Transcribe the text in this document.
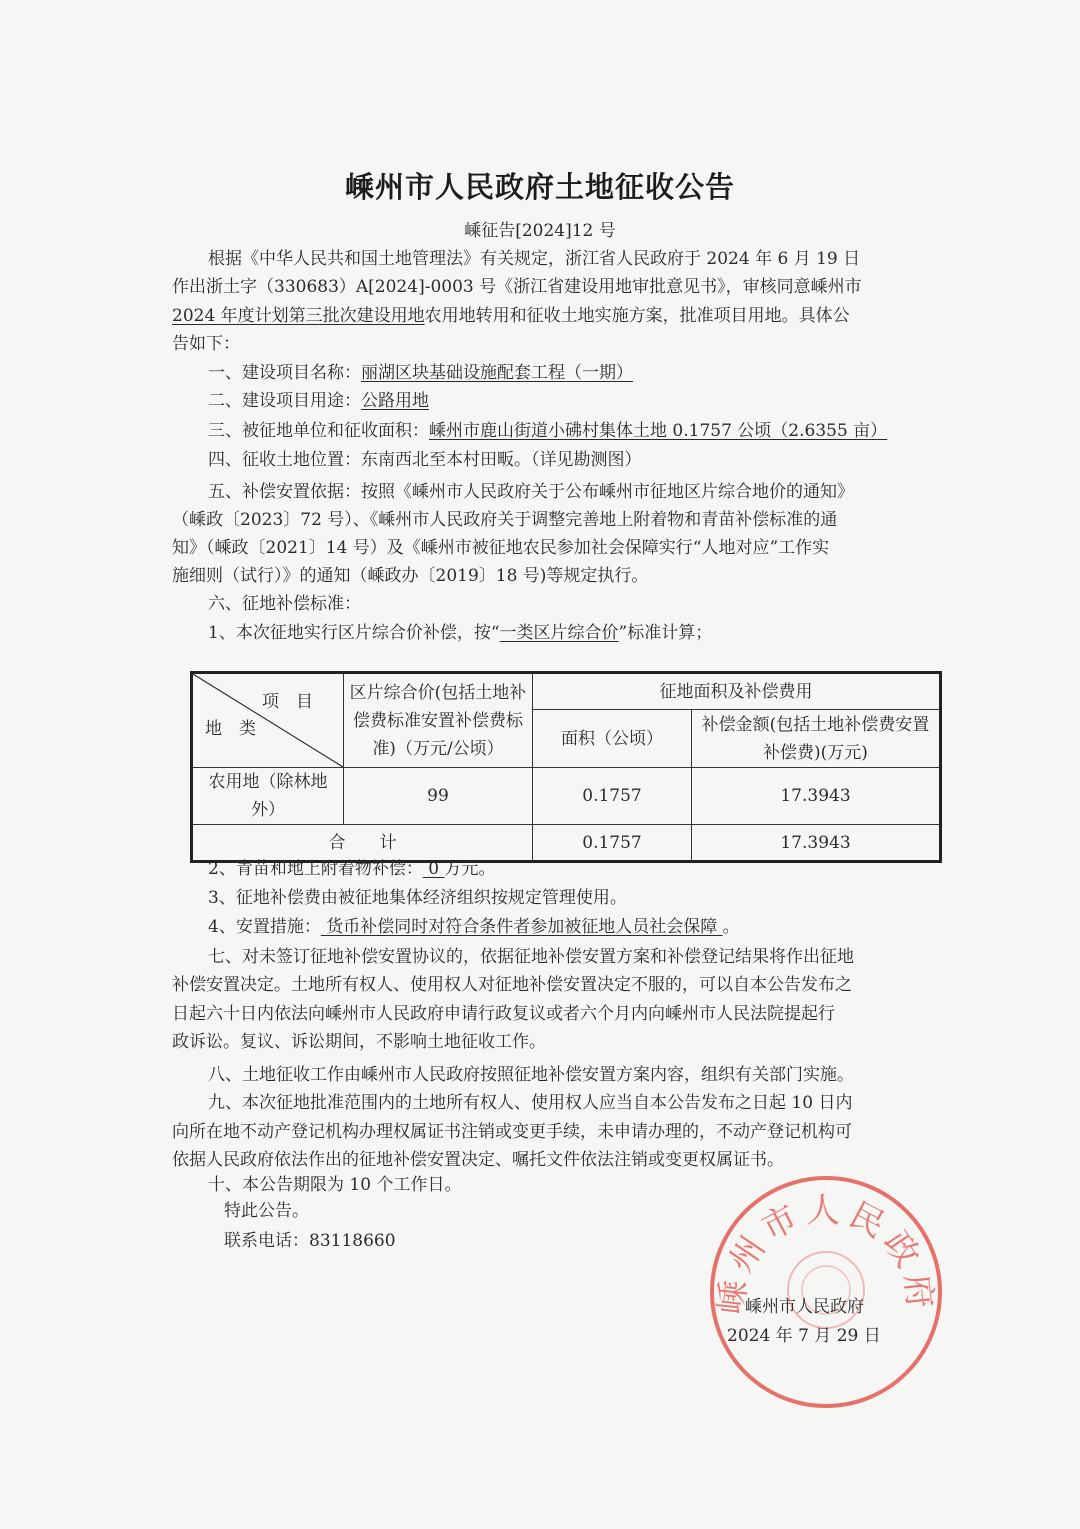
嵊州市人民政府土地征收公告
嵊征告[2024]12 号
根据《中华人民共和国土地管理法》有关规定，浙江省人民政府于 2024 年 6 月 19 日
作出浙土字（330683）A[2024]-0003 号《浙江省建设用地审批意见书》，审核同意嵊州市
2024 年度计划第三批次建设用地农用地转用和征收土地实施方案，批准项目用地。具体公
告如下：
一、建设项目名称：丽湖区块基础设施配套工程（一期）
二、建设项目用途：公路用地
三、被征地单位和征收面积：嵊州市鹿山街道小砩村集体土地 0.1757 公顷（2.6355 亩）
四、征收土地位置：东南西北至本村田畈。（详见勘测图）
五、补偿安置依据：按照《嵊州市人民政府关于公布嵊州市征地区片综合地价的通知》
（嵊政〔2023〕72 号）、《嵊州市人民政府关于调整完善地上附着物和青苗补偿标准的通
知》（嵊政〔2021〕14 号）及《嵊州市被征地农民参加社会保障实行“人地对应”工作实
施细则（试行）》的通知（嵊政办〔2019〕18 号)等规定执行。
六、征地补偿标准：
1、本次征地实行区片综合价补偿，按“一类区片综合价”标准计算；
项　目
地　类	区片综合价(包括土地补偿费标准安置补偿费标准)（万元/公顷）	征地面积及补偿费用	
		面积（公顷）	补偿金额(包括土地补偿费安置补偿费)(万元)
农用地（除林地外）	99	0.1757	17.3943
合　　计		0.1757	17.3943
2、青苗和地上附着物补偿： 0 万元。
3、征地补偿费由被征地集体经济组织按规定管理使用。
4、安置措施： 货币补偿同时对符合条件者参加被征地人员社会保障 。
七、对未签订征地补偿安置协议的，依据征地补偿安置方案和补偿登记结果将作出征地
补偿安置决定。土地所有权人、使用权人对征地补偿安置决定不服的，可以自本公告发布之
日起六十日内依法向嵊州市人民政府申请行政复议或者六个月内向嵊州市人民法院提起行
政诉讼。复议、诉讼期间，不影响土地征收工作。
八、土地征收工作由嵊州市人民政府按照征地补偿安置方案内容，组织有关部门实施。
九、本次征地批准范围内的土地所有权人、使用权人应当自本公告发布之日起 10 日内
向所在地不动产登记机构办理权属证书注销或变更手续，未申请办理的，不动产登记机构可
依据人民政府依法作出的征地补偿安置决定、嘱托文件依法注销或变更权属证书。
十、本公告期限为 10 个工作日。
特此公告。
联系电话：83118660
嵊州市人民政府
嵊州市人民政府
2024 年 7 月 29 日
